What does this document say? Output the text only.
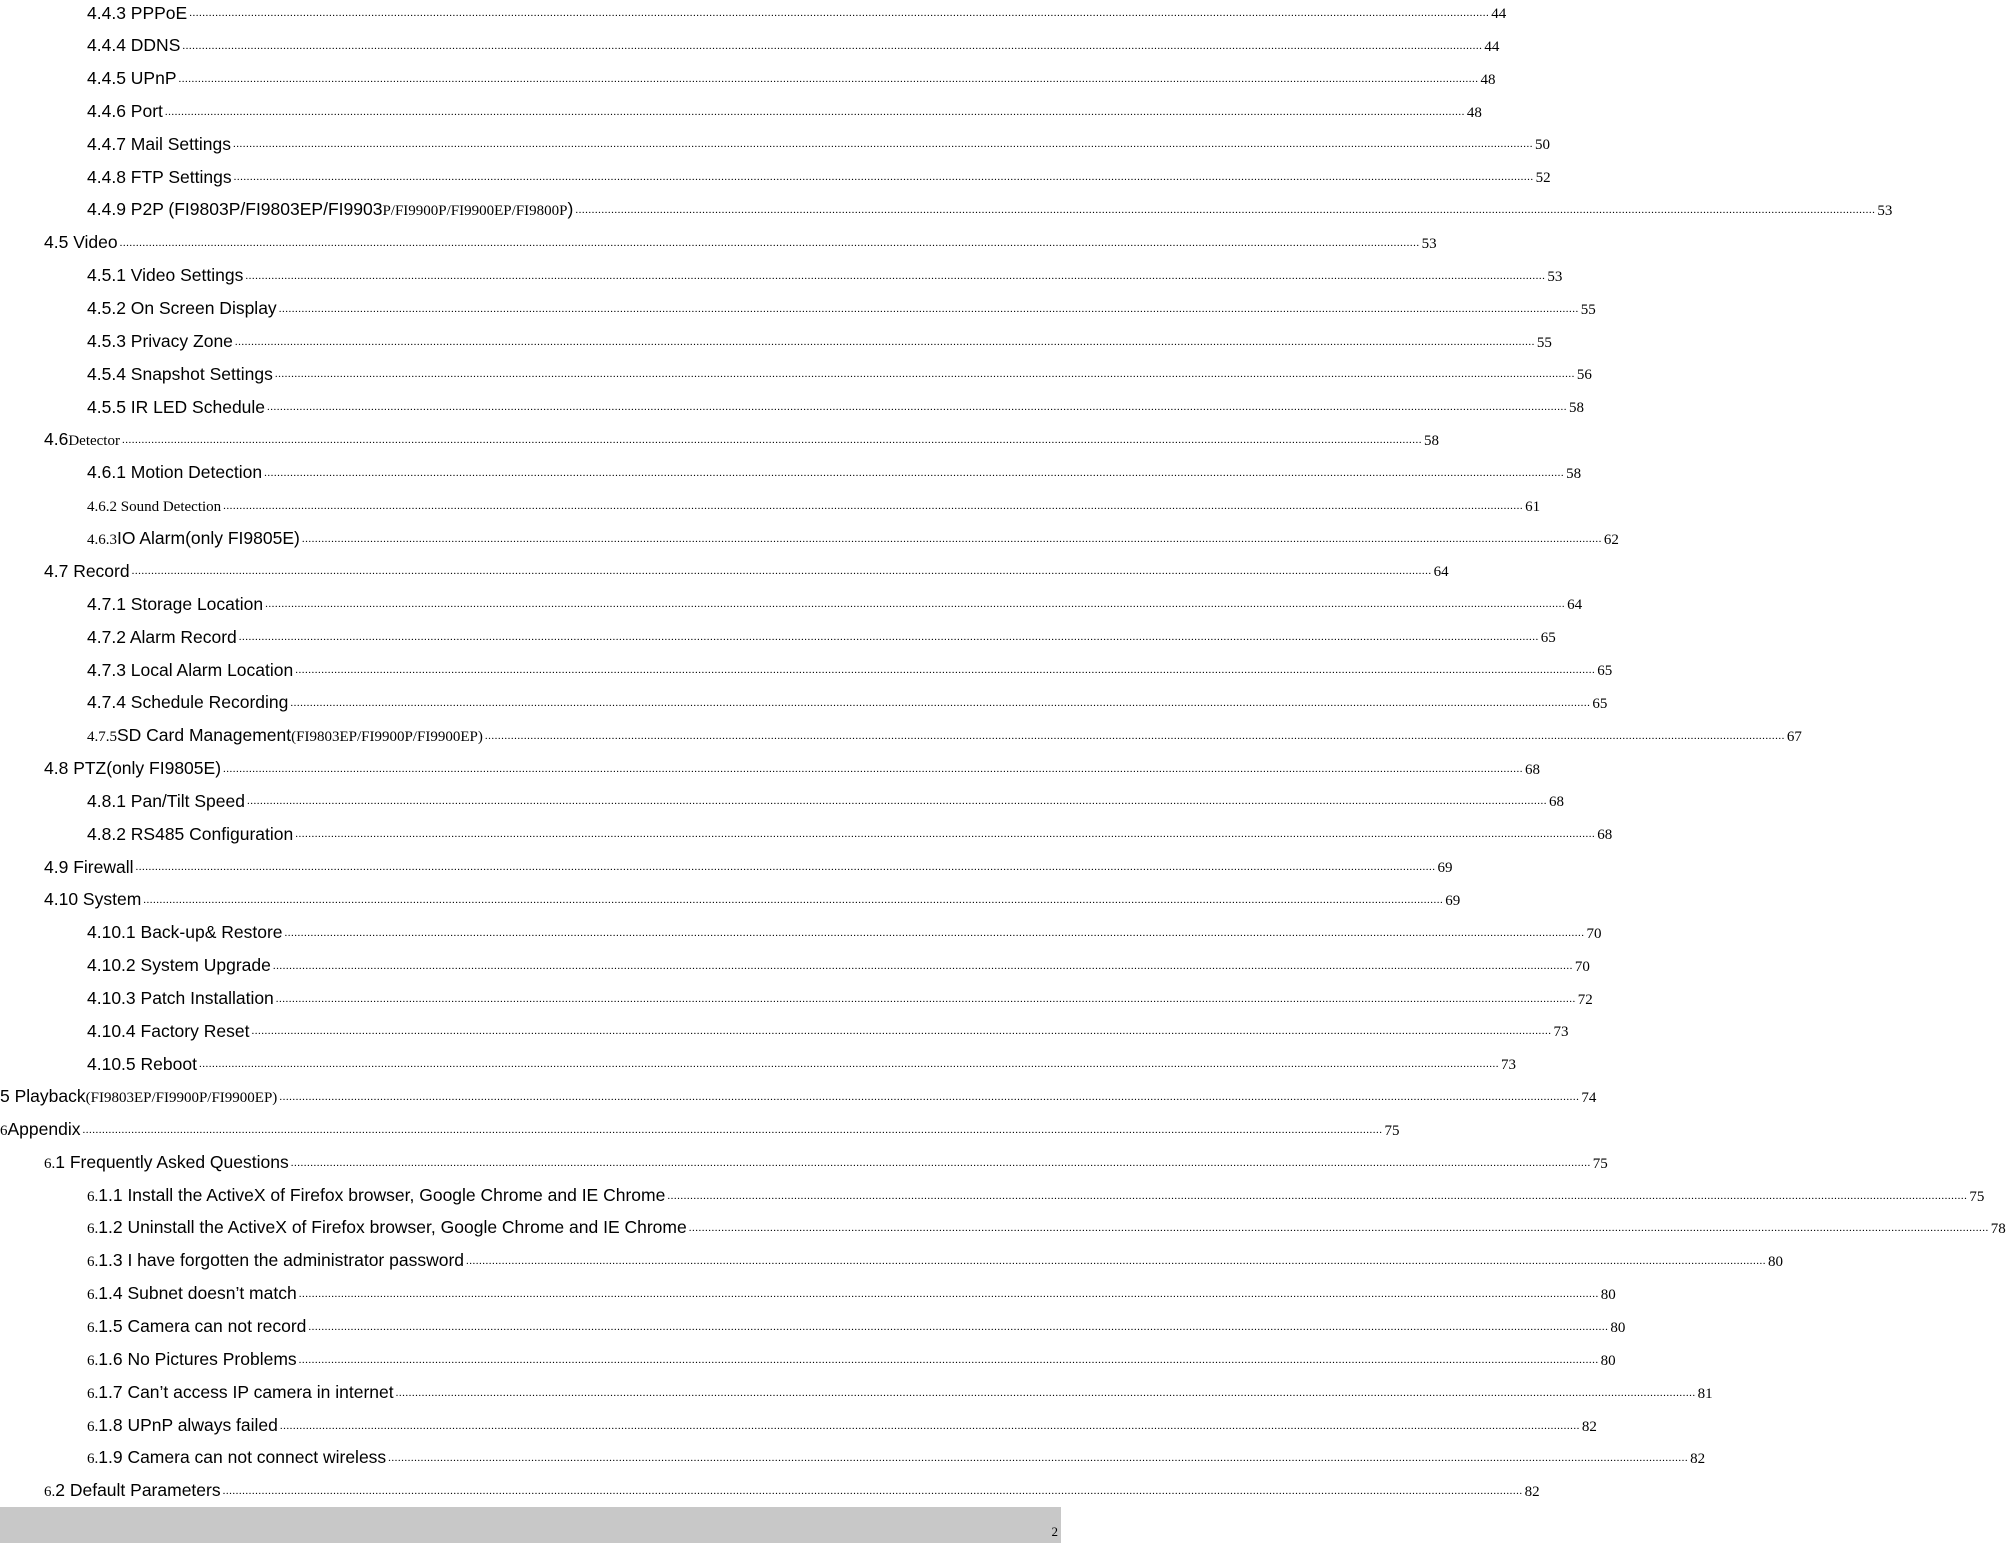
4.4.3 PPPoE ................................................................................................................................................................................................................................................................................................................................................................................................................ 44
4.4.4 DDNS ................................................................................................................................................................................................................................................................................................................................................................................................................ 44
4.4.5 UPnP ................................................................................................................................................................................................................................................................................................................................................................................................................ 48
4.4.6 Port ................................................................................................................................................................................................................................................................................................................................................................................................................ 48
4.4.7 Mail Settings ................................................................................................................................................................................................................................................................................................................................................................................................................ 50
4.4.8 FTP Settings ................................................................................................................................................................................................................................................................................................................................................................................................................ 52
4.4.9 P2P (FI9803P/FI9803EP/FI9903 P/FI9900P/FI9900EP/FI9800P ) ................................................................................................................................................................................................................................................................................................................................................................................................................ 53
4.5 Video ................................................................................................................................................................................................................................................................................................................................................................................................................ 53
4.5.1 Video Settings ................................................................................................................................................................................................................................................................................................................................................................................................................ 53
4.5.2 On Screen Display ................................................................................................................................................................................................................................................................................................................................................................................................................ 55
4.5.3 Privacy Zone ................................................................................................................................................................................................................................................................................................................................................................................................................ 55
4.5.4 Snapshot Settings ................................................................................................................................................................................................................................................................................................................................................................................................................ 56
4.5.5 IR LED Schedule ................................................................................................................................................................................................................................................................................................................................................................................................................ 58
4.6 Detector ................................................................................................................................................................................................................................................................................................................................................................................................................ 58
4.6.1 Motion Detection ................................................................................................................................................................................................................................................................................................................................................................................................................ 58
4.6.2 Sound Detection ................................................................................................................................................................................................................................................................................................................................................................................................................ 61
4.6. 3 IO Alarm(only FI9805E) ................................................................................................................................................................................................................................................................................................................................................................................................................ 62
4.7 Record ................................................................................................................................................................................................................................................................................................................................................................................................................ 64
4.7.1 Storage Location ................................................................................................................................................................................................................................................................................................................................................................................................................ 64
4.7.2 Alarm Record ................................................................................................................................................................................................................................................................................................................................................................................................................ 65
4.7.3 Local Alarm Location ................................................................................................................................................................................................................................................................................................................................................................................................................ 65
4.7.4 Schedule Recording ................................................................................................................................................................................................................................................................................................................................................................................................................ 65
4.7. 5 SD Card Management (FI9803EP/FI9900P/FI9900EP) ................................................................................................................................................................................................................................................................................................................................................................................................................ 67
4.8 PTZ(only FI9805E) ................................................................................................................................................................................................................................................................................................................................................................................................................ 68
4.8.1 Pan/Tilt Speed ................................................................................................................................................................................................................................................................................................................................................................................................................ 68
4.8.2 RS485 Configuration ................................................................................................................................................................................................................................................................................................................................................................................................................ 68
4.9 Firewall ................................................................................................................................................................................................................................................................................................................................................................................................................ 69
4.10 System ................................................................................................................................................................................................................................................................................................................................................................................................................ 69
4.10.1 Back-up& Restore ................................................................................................................................................................................................................................................................................................................................................................................................................ 70
4.10.2 System Upgrade ................................................................................................................................................................................................................................................................................................................................................................................................................ 70
4.10.3 Patch Installation ................................................................................................................................................................................................................................................................................................................................................................................................................ 72
4.10.4 Factory Reset ................................................................................................................................................................................................................................................................................................................................................................................................................ 73
4.10.5 Reboot ................................................................................................................................................................................................................................................................................................................................................................................................................ 73
5 Playback (FI9803EP/FI9900P/FI9900EP) ................................................................................................................................................................................................................................................................................................................................................................................................................ 74
6 Appendix ................................................................................................................................................................................................................................................................................................................................................................................................................ 75
6. 1 Frequently Asked Questions ................................................................................................................................................................................................................................................................................................................................................................................................................ 75
6. 1.1 Install the ActiveX of Firefox browser, Google Chrome and IE Chrome ................................................................................................................................................................................................................................................................................................................................................................................................................ 75
6. 1.2 Uninstall the ActiveX of Firefox browser, Google Chrome and IE Chrome ................................................................................................................................................................................................................................................................................................................................................................................................................ 78
6. 1.3 I have forgotten the administrator password ................................................................................................................................................................................................................................................................................................................................................................................................................ 80
6. 1.4 Subnet doesn’t match ................................................................................................................................................................................................................................................................................................................................................................................................................ 80
6. 1.5 Camera can not record ................................................................................................................................................................................................................................................................................................................................................................................................................ 80
6. 1.6 No Pictures Problems ................................................................................................................................................................................................................................................................................................................................................................................................................ 80
6. 1.7 Can’t access IP camera in internet ................................................................................................................................................................................................................................................................................................................................................................................................................ 81
6. 1.8 UPnP always failed ................................................................................................................................................................................................................................................................................................................................................................................................................ 82
6. 1.9 Camera can not connect wireless ................................................................................................................................................................................................................................................................................................................................................................................................................ 82
6. 2 Default Parameters ................................................................................................................................................................................................................................................................................................................................................................................................................ 82
2
